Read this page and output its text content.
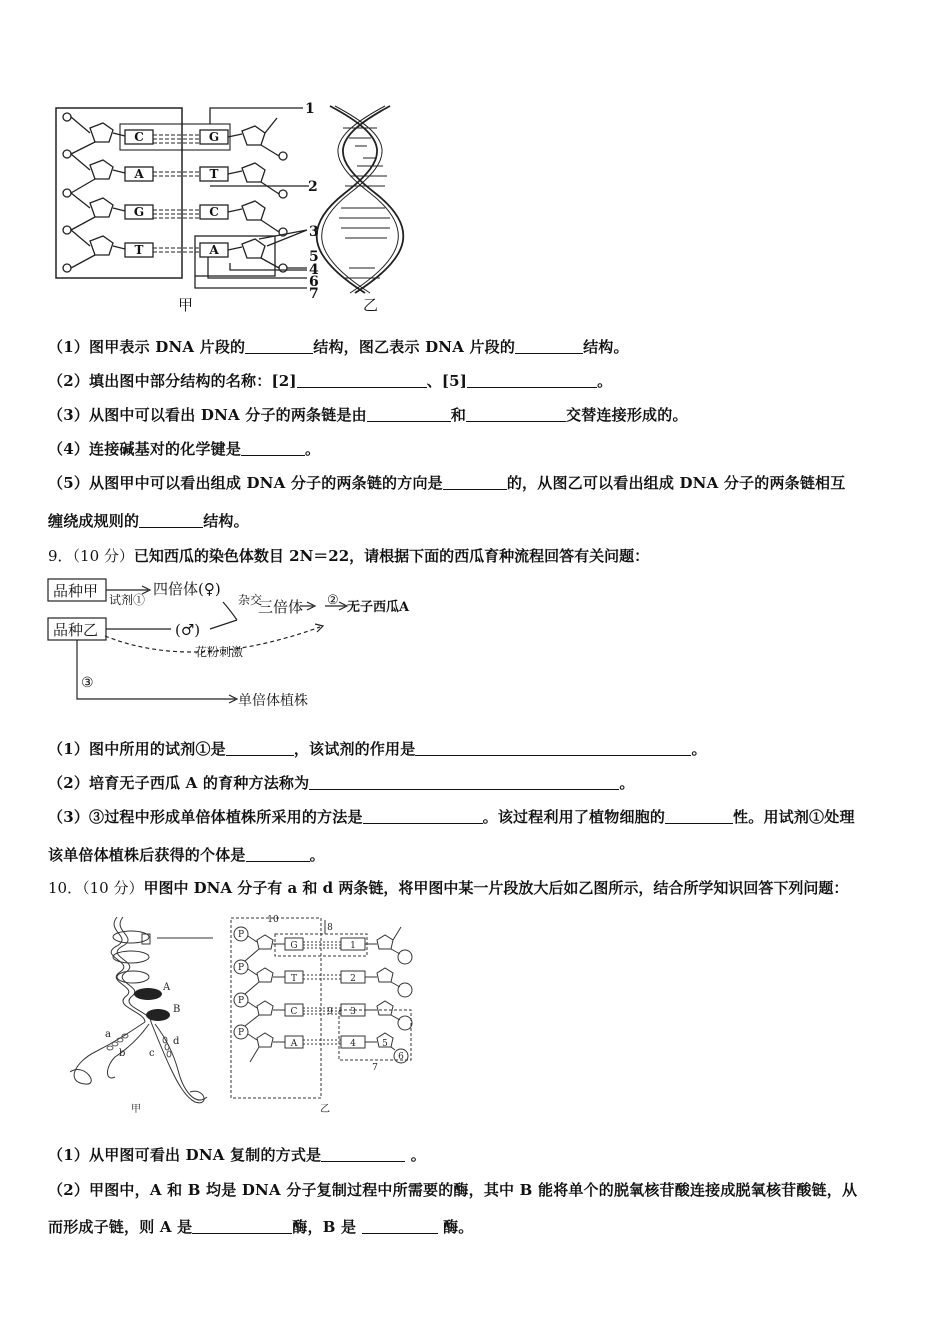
C
A
G
T
G
T
C
A
1
2
3
5
4
6
7
甲	乙
（1）图甲表示 DNA 片段的	结构，图乙表示 DNA 片段的	结构。
（2）填出图中部分结构的名称：[2]	、[5]	。
（3）从图中可以看出 DNA 分子的两条链是由	和	交替连接形成的。
（4）连接碱基对的化学键是	。
（5）从图甲中可以看出组成 DNA 分子的两条链的方向是	的，从图乙可以看出组成 DNA 分子的两条链相互
缠绕成规则的	结构。
9．（10 分）已知西瓜的染色体数目 2N＝22，请根据下面的西瓜育种流程回答有关问题：
品种甲
品种乙
四倍体(♀)
(♂)
三倍体
单倍体植株
试剂①	杂交	② 无子西瓜A
花粉刺激
③
（1）图中所用的试剂①是	，该试剂的作用是	。
（2）培育无子西瓜 A 的育种方法称为	。
（3）③过程中形成单倍体植株所采用的方法是	。该过程利用了植物细胞的	性。用试剂①处理
该单倍体植株后获得的个体是	。
10．（10 分）甲图中 DNA 分子有 a 和 d 两条链，将甲图中某一片段放大后如乙图所示，结合所学知识回答下列问题：
A
B
a
b c
d
甲
P
P
P
P
G
T
C
A
1
2
3
4	5
6
10
8
9
7
乙
（1）从甲图可看出 DNA 复制的方式是	。
（2）甲图中，A 和 B 均是 DNA 分子复制过程中所需要的酶，其中 B 能将单个的脱氧核苷酸连接成脱氧核苷酸链，从
而形成子链，则 A 是	酶，B 是	酶。
